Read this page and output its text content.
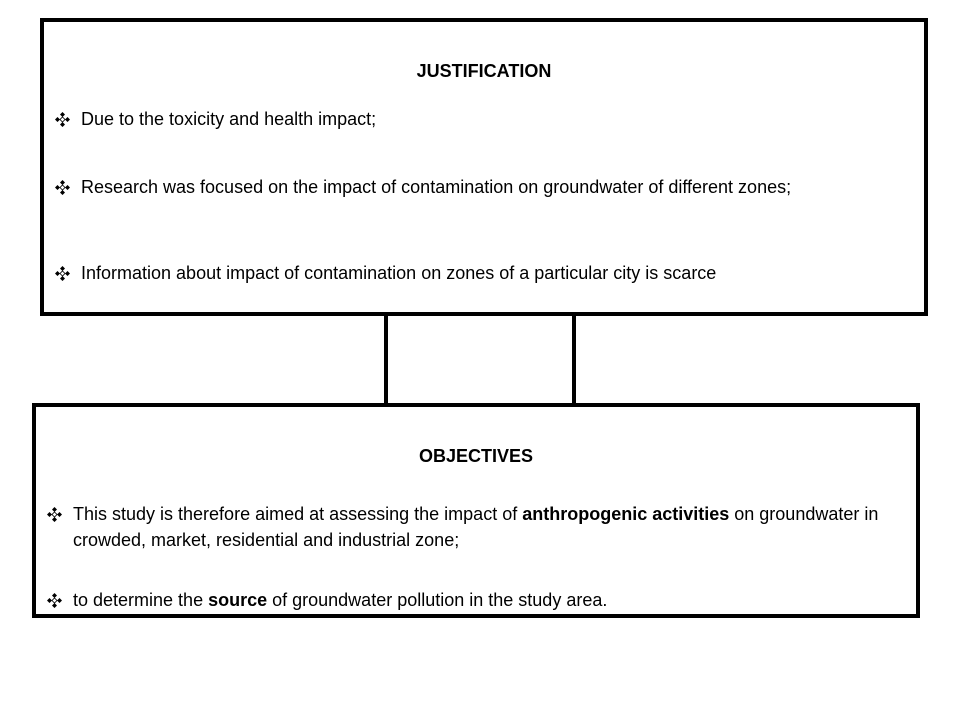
JUSTIFICATION
Due to the toxicity and health impact;
Research was focused on the impact of contamination on groundwater of different zones;
Information about impact of contamination on zones of a particular city is scarce
OBJECTIVES
This study is therefore aimed at assessing the impact of anthropogenic activities on groundwater in crowded, market, residential and industrial zone;
to determine the source of groundwater pollution in the study area.
